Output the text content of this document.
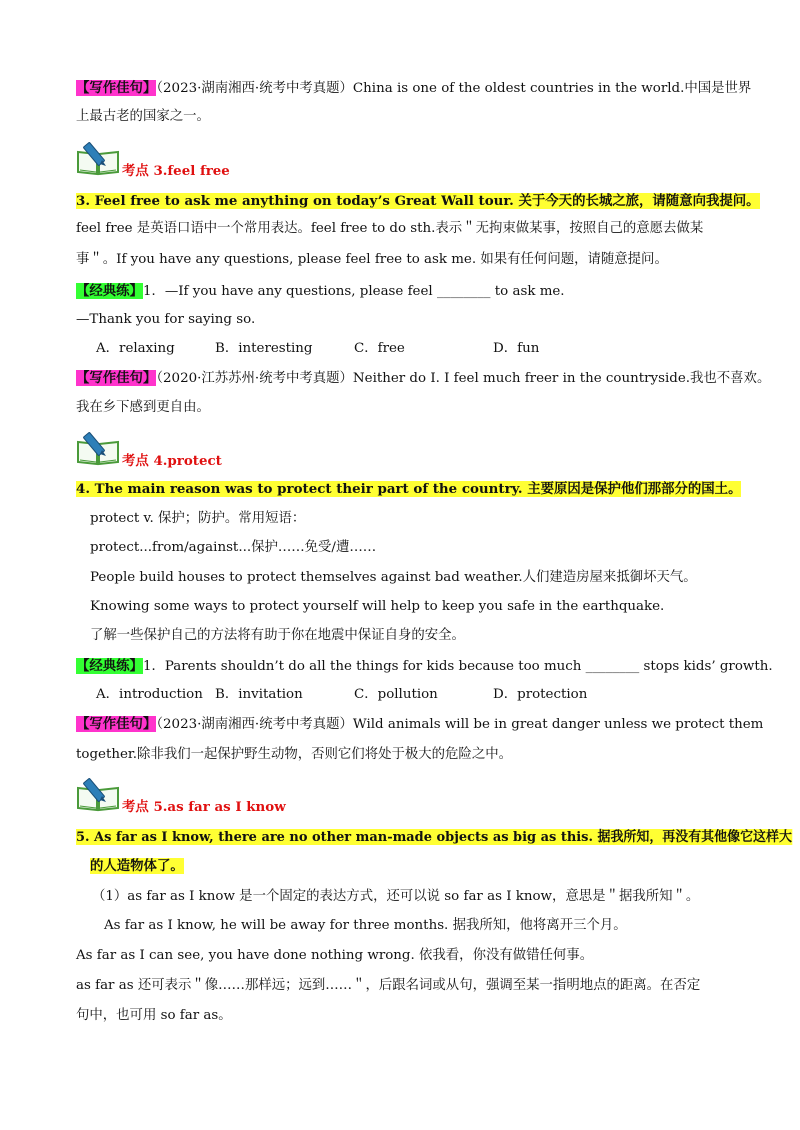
【写作佳句】（2023·湖南湘西·统考中考真题）China is one of the oldest countries in the world.中国是世界
上最古老的国家之一。
考点 3.feel free
3. Feel free to ask me anything on today’s Great Wall tour. 关于今天的长城之旅，请随意向我提问。
feel free 是英语口语中一个常用表达。feel free to do sth.表示＂无拘束做某事，按照自己的意愿去做某
事＂。If you have any questions, please feel free to ask me. 如果有任何问题，请随意提问。
【经典练】1．—If you have any questions, please feel ________ to ask me.
—Thank you for saying so.
A．relaxing	B．interesting	C．free	D．fun
【写作佳句】（2020·江苏苏州·统考中考真题）Neither do I. I feel much freer in the countryside.我也不喜欢。
我在乡下感到更自由。
考点 4.protect
4. The main reason was to protect their part of the country. 主要原因是保护他们那部分的国土。
protect v. 保护；防护。常用短语：
protect...from/against...保护……免受/遭……
People build houses to protect themselves against bad weather.人们建造房屋来抵御坏天气。
Knowing some ways to protect yourself will help to keep you safe in the earthquake.
了解一些保护自己的方法将有助于你在地震中保证自身的安全。
【经典练】1．Parents shouldn’t do all the things for kids because too much ________ stops kids’ growth.
A．introduction B．invitation	C．pollution	D．protection
【写作佳句】（2023·湖南湘西·统考中考真题）Wild animals will be in great danger unless we protect them
together.除非我们一起保护野生动物，否则它们将处于极大的危险之中。
考点 5.as far as I know
5. As far as I know, there are no other man-made objects as big as this. 据我所知，再没有其他像它这样大
的人造物体了。
（1）as far as I know 是一个固定的表达方式，还可以说 so far as I know，意思是＂据我所知＂。
As far as I know, he will be away for three months. 据我所知，他将离开三个月。
As far as I can see, you have done nothing wrong. 依我看，你没有做错任何事。
as far as 还可表示＂像……那样远；远到……＂，后跟名词或从句，强调至某一指明地点的距离。在否定
句中，也可用 so far as。
